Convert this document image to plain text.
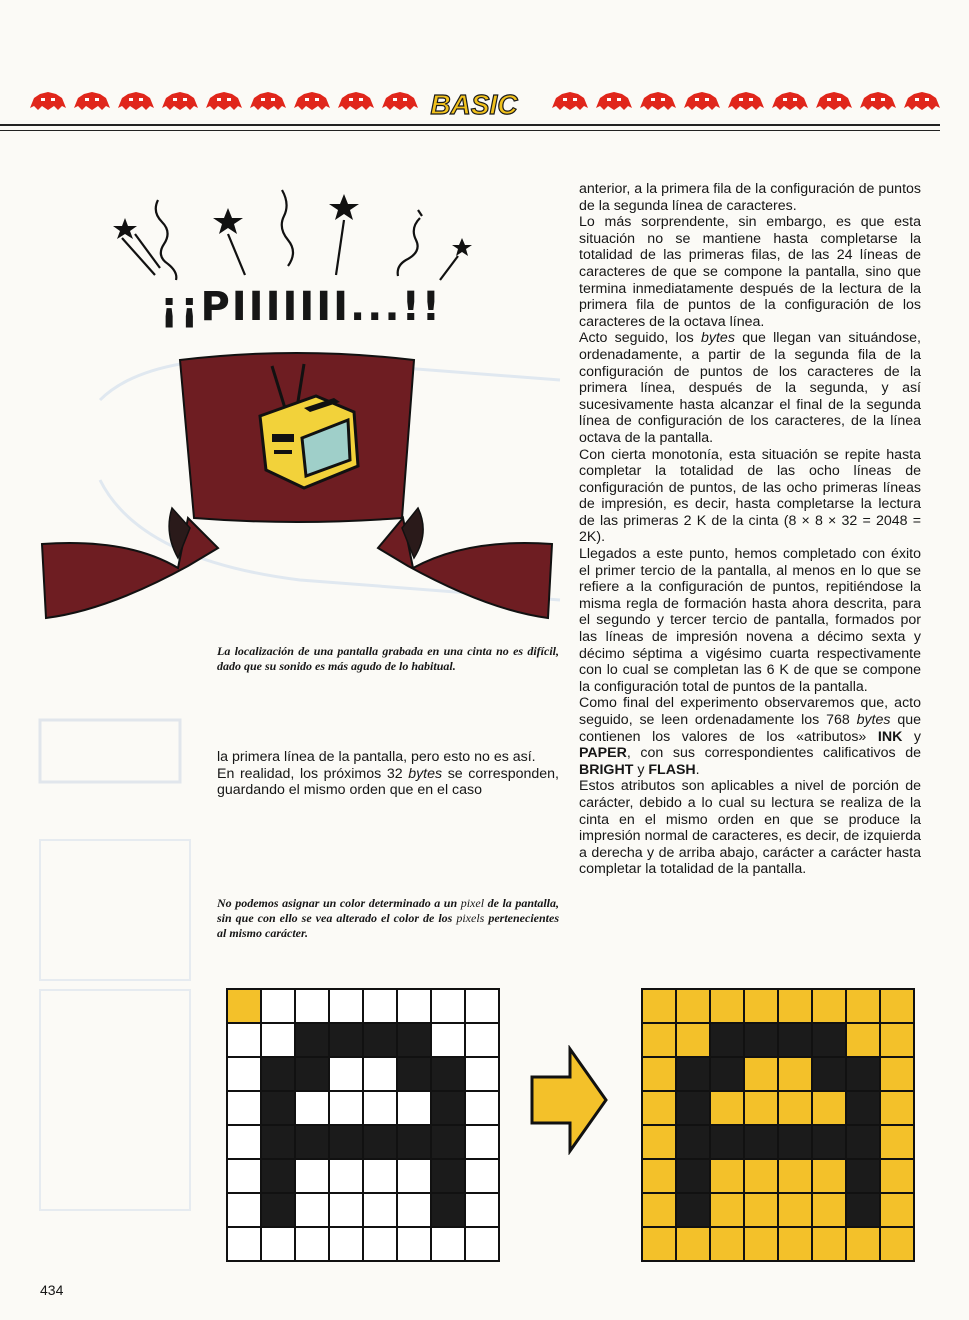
BASIC
¡¡PIIIIIII...!!

La localización de una pantalla grabada en una cinta no es difícil, dado que su sonido es más agudo de lo habitual.

la primera línea de la pantalla, pero esto no es así.

En realidad, los próximos 32 bytes se corresponden, guardando el mismo orden que en el caso

No podemos asignar un color determinado a un pixel de la pantalla, sin que con ello se vea alterado el color de los pixels pertenecientes al mismo carácter.

anterior, a la primera fila de la configuración de puntos de la segunda línea de caracteres.

Lo más sorprendente, sin embargo, es que esta situación no se mantiene hasta completarse la totalidad de las primeras filas, de las 24 líneas de caracteres de que se compone la pantalla, sino que termina inmediatamente después de la lectura de la primera fila de puntos de la configuración de los caracteres de la octava línea.

Acto seguido, los bytes que llegan van situándose, ordenadamente, a partir de la segunda fila de la configuración de puntos de los caracteres de la primera línea, después de la segunda, y así sucesivamente hasta alcanzar el final de la segunda línea de configuración de los caracteres, de la línea octava de la pantalla.

Con cierta monotonía, esta situación se repite hasta completar la totalidad de las ocho líneas de configuración de puntos, de las ocho primeras líneas de impresión, es decir, hasta completarse la lectura de las primeras 2 K de la cinta (8 × 8 × 32 = 2048 = 2K).

Llegados a este punto, hemos completado con éxito el primer tercio de la pantalla, al menos en lo que se refiere a la configuración de puntos, repitiéndose la misma regla de formación hasta ahora descrita, para el segundo y tercer tercio de pantalla, formados por las líneas de impresión novena a décimo sexta y décimo séptima a vigésimo cuarta respectivamente con lo cual se completan las 6 K de que se compone la configuración total de puntos de la pantalla.

Como final del experimento observaremos que, acto seguido, se leen ordenadamente los 768 bytes que contienen los valores de los «atributos» INK y PAPER, con sus correspondientes calificativos de BRIGHT y FLASH.

Estos atributos son aplicables a nivel de porción de carácter, debido a lo cual su lectura se realiza de la cinta en el mismo orden en que se produce la impresión normal de caracteres, es decir, de izquierda a derecha y de arriba abajo, carácter a carácter hasta completar la totalidad de la pantalla.

434
